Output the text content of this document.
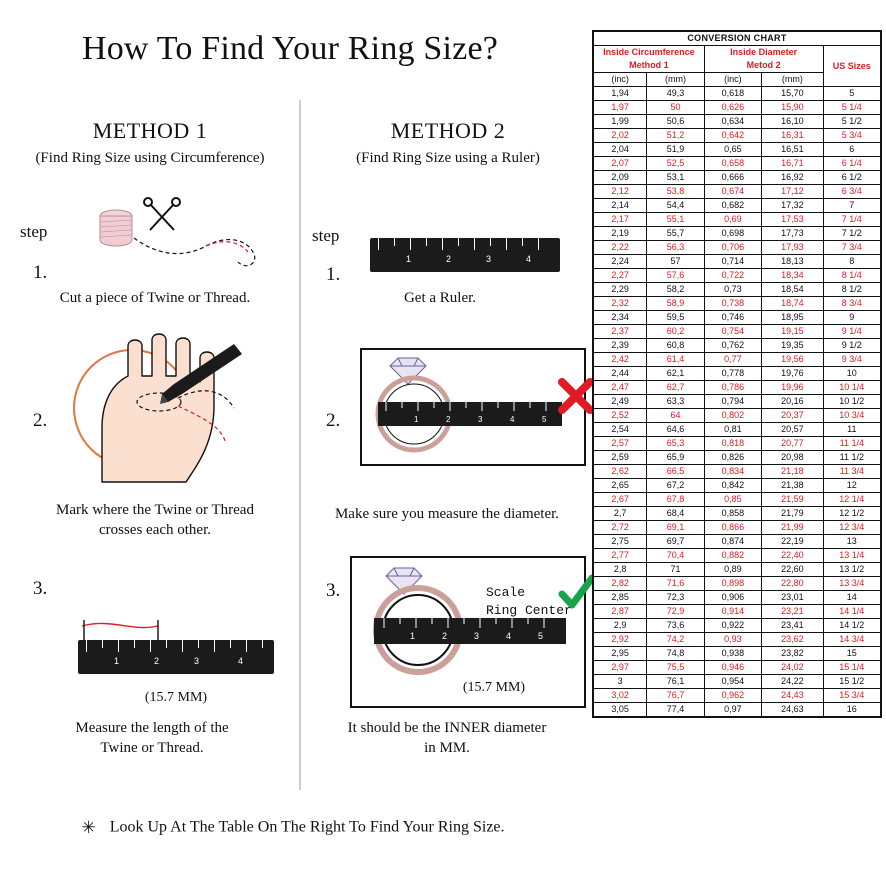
How To Find Your Ring Size?
METHOD 1
(Find Ring Size using Circumference)
step
1.
Cut a piece of Twine or Thread.
2.
Mark where the Twine or Thread
crosses each other.
3.
1	2	3	4
(15.7 MM)
Measure the length of the
Twine or Thread.
METHOD 2
(Find Ring Size using a Ruler)
step
1.
1	2	3	4
Get a Ruler.
2.	1	2	3	4	5
Make sure you measure the diameter.
3.
1	2	3	4	5
Scale
Ring Center
(15.7 MM)
It should be the INNER diameter
in MM.
✳ Look Up At The Table On The Right To Find Your Ring Size.
CONVERSION CHART				
Inside Circumference
Method 1		Inside Diameter
Metod 2		US Sizes
(inc)	(mm)	(inc)	(mm)	
1,94	49,3	0,618	15,70	5
1,97	50	0,626	15,90	5 1/4
1,99	50,6	0,634	16,10	5 1/2
2,02	51,2	0,642	16,31	5 3/4
2,04	51,9	0,65	16,51	6
2,07	52,5	0,658	16,71	6 1/4
2,09	53,1	0,666	16,92	6 1/2
2,12	53,8	0,674	17,12	6 3/4
2,14	54,4	0,682	17,32	7
2,17	55,1	0,69	17,53	7 1/4
2,19	55,7	0,698	17,73	7 1/2
2,22	56,3	0,706	17,93	7 3/4
2,24	57	0,714	18,13	8
2,27	57,6	0,722	18,34	8 1/4
2,29	58,2	0,73	18,54	8 1/2
2,32	58,9	0,738	18,74	8 3/4
2,34	59,5	0,746	18,95	9
2,37	60,2	0,754	19,15	9 1/4
2,39	60,8	0,762	19,35	9 1/2
2,42	61,4	0,77	19,56	9 3/4
2,44	62,1	0,778	19,76	10
2,47	62,7	0,786	19,96	10 1/4
2,49	63,3	0,794	20,16	10 1/2
2,52	64	0,802	20,37	10 3/4
2,54	64,6	0,81	20,57	11
2,57	65,3	0,818	20,77	11 1/4
2,59	65,9	0,826	20,98	11 1/2
2,62	66,5	0,834	21,18	11 3/4
2,65	67,2	0,842	21,38	12
2,67	67,8	0,85	21,59	12 1/4
2,7	68,4	0,858	21,79	12 1/2
2,72	69,1	0,866	21,99	12 3/4
2,75	69,7	0,874	22,19	13
2,77	70,4	0,882	22,40	13 1/4
2,8	71	0,89	22,60	13 1/2
2,82	71,6	0,898	22,80	13 3/4
2,85	72,3	0,906	23,01	14
2,87	72,9	0,914	23,21	14 1/4
2,9	73,6	0,922	23,41	14 1/2
2,92	74,2	0,93	23,62	14 3/4
2,95	74,8	0,938	23,82	15
2,97	75,5	0,946	24,02	15 1/4
3	76,1	0,954	24,22	15 1/2
3,02	76,7	0,962	24,43	15 3/4
3,05	77,4	0,97	24,63	16
